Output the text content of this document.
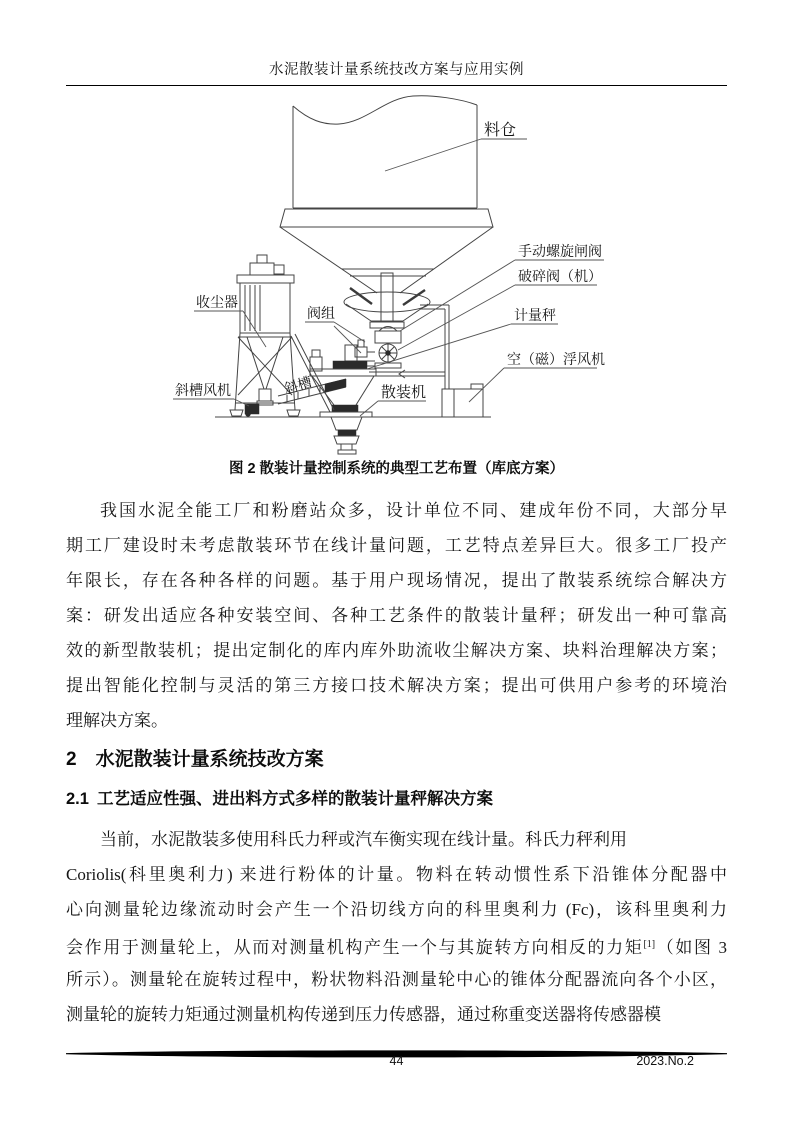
水泥散装计量系统技改方案与应用实例
料仓
手动螺旋闸阀
破碎阀（机）
计量秤
空（磁）浮风机
收尘器
斜槽风机	散装机
阀组
斜槽
图 2 散装计量控制系统的典型工艺布置（库底方案）
我国水泥全能工厂和粉磨站众多，设计单位不同、建成年份不同，大部分早
期工厂建设时未考虑散装环节在线计量问题，工艺特点差异巨大。很多工厂投产
年限长，存在各种各样的问题。基于用户现场情况，提出了散装系统综合解决方
案：研发出适应各种安装空间、各种工艺条件的散装计量秤；研发出一种可靠高
效的新型散装机；提出定制化的库内库外助流收尘解决方案、块料治理解决方案；
提出智能化控制与灵活的第三方接口技术解决方案；提出可供用户参考的环境治
理解决方案。
2 水泥散装计量系统技改方案
2.1 工艺适应性强、进出料方式多样的散装计量秤解决方案
当前，水泥散装多使用科氏力秤或汽车衡实现在线计量。科氏力秤利用
Coriolis(科里奥利力) 来进行粉体的计量。物料在转动惯性系下沿锥体分配器中
心向测量轮边缘流动时会产生一个沿切线方向的科里奥利力 (Fc)，该科里奥利力
会作用于测量轮上，从而对测量机构产生一个与其旋转方向相反的力矩[1]（如图 3
所示）。测量轮在旋转过程中，粉状物料沿测量轮中心的锥体分配器流向各个小区，
测量轮的旋转力矩通过测量机构传递到压力传感器，通过称重变送器将传感器模
44	2023.No.2
